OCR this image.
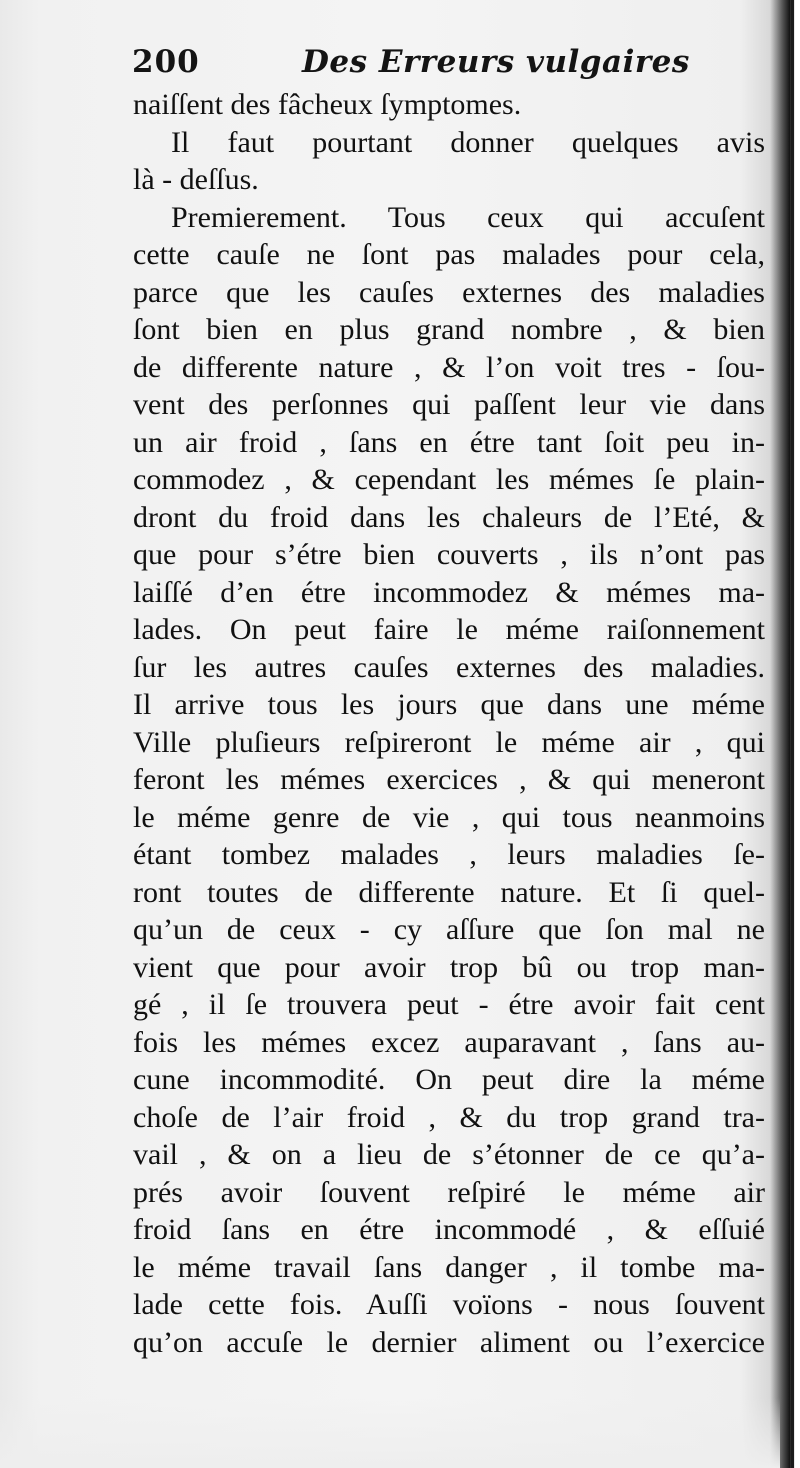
200	Des Erreurs vulgaires
naiſſent des fâcheux ſymptomes.
Il faut pourtant donner quelques avis
là - deſſus.
Premierement. Tous ceux qui accuſent
cette cauſe ne ſont pas malades pour cela,
parce que les cauſes externes des maladies
ſont bien en plus grand nombre , & bien
de differente nature , & l’on voit tres - ſou-
vent des perſonnes qui paſſent leur vie dans
un air froid , ſans en étre tant ſoit peu in-
commodez , & cependant les mémes ſe plain-
dront du froid dans les chaleurs de l’Eté, &
que pour s’étre bien couverts , ils n’ont pas
laiſſé d’en étre incommodez & mémes ma-
lades. On peut faire le méme raiſonnement
ſur les autres cauſes externes des maladies.
Il arrive tous les jours que dans une méme
Ville pluſieurs reſpireront le méme air , qui
feront les mémes exercices , & qui meneront
le méme genre de vie , qui tous neanmoins
étant tombez malades , leurs maladies ſe-
ront toutes de differente nature. Et ſi quel-
qu’un de ceux - cy aſſure que ſon mal ne
vient que pour avoir trop bû ou trop man-
gé , il ſe trouvera peut - étre avoir fait cent
fois les mémes excez auparavant , ſans au-
cune incommodité. On peut dire la méme
choſe de l’air froid , & du trop grand tra-
vail , & on a lieu de s’étonner de ce qu’a-
prés avoir ſouvent reſpiré le méme air
froid ſans en étre incommodé , & eſſuié
le méme travail ſans danger , il tombe ma-
lade cette fois. Auſſi voïons - nous ſouvent
qu’on accuſe le dernier aliment ou l’exercice
